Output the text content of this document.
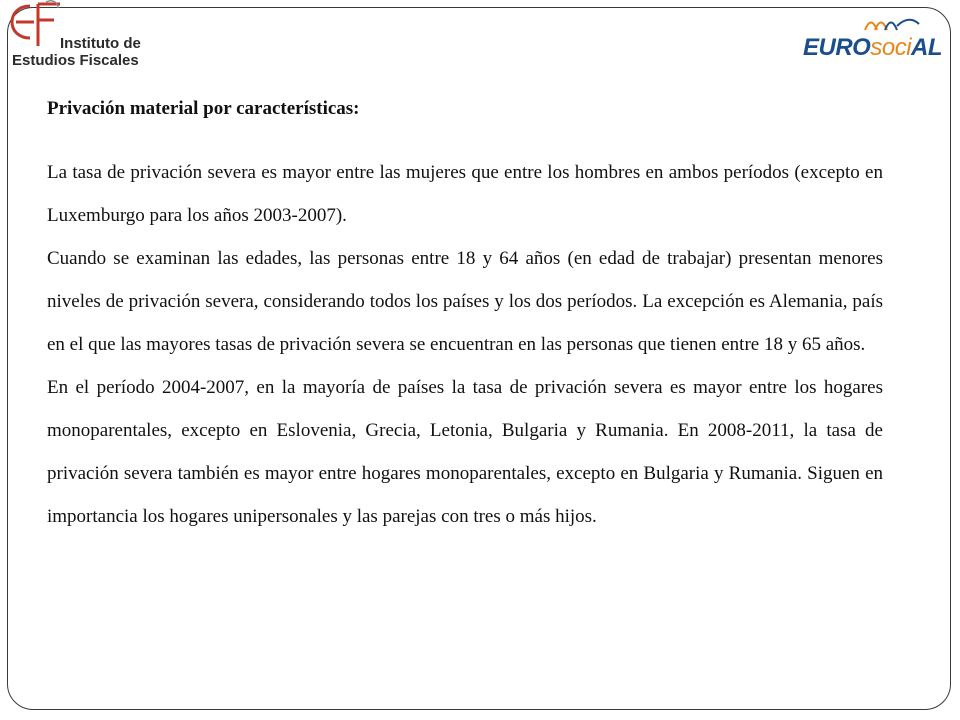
Instituto de
Estudios Fiscales	EUROsociAL

Privación material por características:

La tasa de privación severa es mayor entre las mujeres que entre los hombres en ambos períodos (excepto en Luxemburgo para los años 2003-2007).

Cuando se examinan las edades, las personas entre 18 y 64 años (en edad de trabajar) presentan menores niveles de privación severa, considerando todos los países y los dos períodos. La excepción es Alemania, país en el que las mayores tasas de privación severa se encuentran en las personas que tienen entre 18 y 65 años.

En el período 2004-2007, en la mayoría de países la tasa de privación severa es mayor entre los hogares monoparentales, excepto en Eslovenia, Grecia, Letonia, Bulgaria y Rumania. En 2008-2011, la tasa de privación severa también es mayor entre hogares monoparentales, excepto en Bulgaria y Rumania. Siguen en importancia los hogares unipersonales y las parejas con tres o más hijos.
